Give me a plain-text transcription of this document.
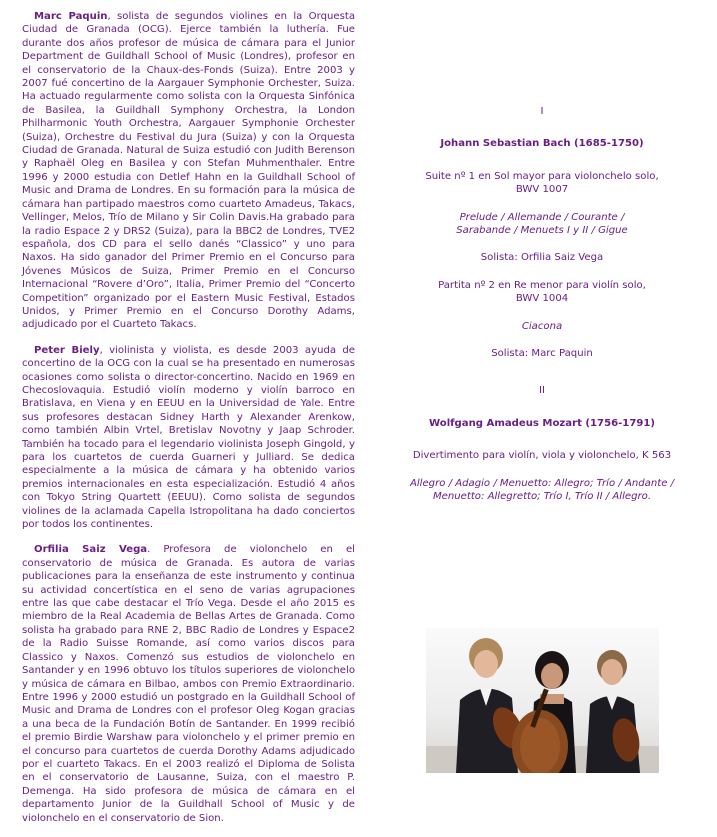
Marc Paquin, solista de segundos violines en la Orquesta Ciudad de Granada (OCG). Ejerce también la luthería. Fue durante dos años profesor de música de cámara para el Junior Department de Guildhall School of Music (Londres), profesor en el conservatorio de la Chaux-des-Fonds (Suiza). Entre 2003 y 2007 fué concertino de la Aargauer Symphonie Orchester, Suiza. Ha actuado regularmente como solista con la Orquesta Sinfónica de Basilea, la Guildhall Symphony Orchestra, la London Philharmonic Youth Orchestra, Aargauer Symphonie Orchester (Suiza), Orchestre du Festival du Jura (Suiza) y con la Orquesta Ciudad de Granada. Natural de Suiza estudió con Judith Berenson y Raphaël Oleg en Basilea y con Stefan Muhmenthaler. Entre 1996 y 2000 estudia con Detlef Hahn en la Guildhall School of Music and Drama de Londres. En su formación para la música de cámara han partipado maestros como cuarteto Amadeus, Takacs, Vellinger, Melos, Trío de Milano y Sir Colin Davis.Ha grabado para la radio Espace 2 y DRS2 (Suiza), para la BBC2 de Londres, TVE2 española, dos CD para el sello danés “Classico” y uno para Naxos. Ha sido ganador del Primer Premio en el Concurso para Jóvenes Músicos de Suiza, Primer Premio en el Concurso Internacional “Rovere d’Oro”, Italia, Primer Premio del “Concerto Competition” organizado por el Eastern Music Festival, Estados Unidos, y Primer Premio en el Concurso Dorothy Adams, adjudicado por el Cuarteto Takacs.

Peter Biely, violinista y violista, es desde 2003 ayuda de concertino de la OCG con la cual se ha presentado en numerosas ocasiones como solista o director-concertino. Nacido en 1969 en Checoslovaquia. Estudió violín moderno y violín barroco en Bratislava, en Viena y en EEUU en la Universidad de Yale. Entre sus profesores destacan Sidney Harth y Alexander Arenkow, como también Albin Vrtel, Bretislav Novotny y Jaap Schroder. También ha tocado para el legendario violinista Joseph Gingold, y para los cuartetos de cuerda Guarneri y Julliard. Se dedica especialmente a la música de cámara y ha obtenido varios premios internacionales en esta especialización. Estudió 4 años con Tokyo String Quartett (EEUU). Como solista de segundos violines de la aclamada Capella Istropolitana ha dado conciertos por todos los continentes.

Orfilia Saiz Vega. Profesora de violonchelo en el conservatorio de música de Granada. Es autora de varias publicaciones para la enseñanza de este instrumento y continua su actividad concertística en el seno de varias agrupaciones entre las que cabe destacar el Trío Vega. Desde el año 2015 es miembro de la Real Academia de Bellas Artes de Granada. Como solista ha grabado para RNE 2, BBC Radio de Londres y Espace2 de la Radio Suisse Romande, así como varios discos para Classico y Naxos. Comenzó sus estudios de violonchelo en Santander y en 1996 obtuvo los títulos superiores de violonchelo y música de cámara en Bilbao, ambos con Premio Extraordinario. Entre 1996 y 2000 estudió un postgrado en la Guildhall School of Music and Drama de Londres con el profesor Oleg Kogan gracias a una beca de la Fundación Botín de Santander. En 1999 recibió el premio Birdie Warshaw para violonchelo y el primer premio en el concurso para cuartetos de cuerda Dorothy Adams adjudicado por el cuarteto Takacs. En el 2003 realizó el Diploma de Solista en el conservatorio de Lausanne, Suiza, con el maestro P. Demenga. Ha sido profesora de música de cámara en el departamento Junior de la Guildhall School of Music y de violonchelo en el conservatorio de Sion.

I
Johann Sebastian Bach (1685-1750)
Suite nº 1 en Sol mayor para violonchelo solo,
BWV 1007
Prelude / Allemande / Courante /
Sarabande / Menuets I y II / Gigue
Solista: Orfilia Saiz Vega
Partita nº 2 en Re menor para violín solo,
BWV 1004
Ciacona
Solista: Marc Paquin
II
Wolfgang Amadeus Mozart (1756-1791)
Divertimento para violín, viola y violonchelo, K 563
Allegro / Adagio / Menuetto: Allegro; Trío / Andante /
Menuetto: Allegretto; Trío I, Trío II / Allegro.
